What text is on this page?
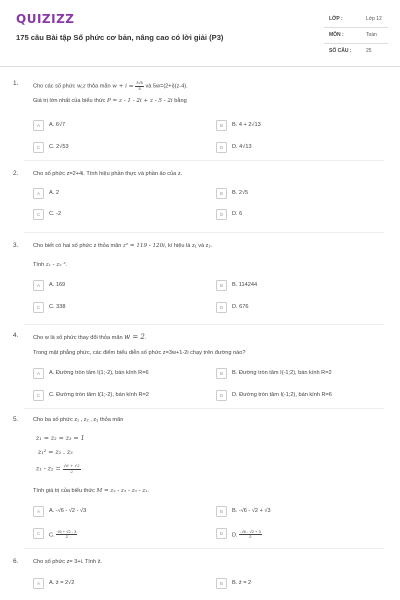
QUIZIZZ
175 câu Bài tập Số phức cơ bản, nâng cao có lời giải (P3)
LỚP :	Lớp 12
MÔN :	Toán
SỐ CÂU :	25
1.	Cho các số phức w,z thỏa mãn $w + i = \frac{3√5}{5}$ và 5w=(2+i)(z-4).
Giá trị lớn nhất của biểu thức P = z - 1 - 2i + z - 5 - 2i bằng
A	A. 6√7	B	B. 4 + 2√13
C	C. 2√53	D	D. 4√13
2.	Cho số phức z=2+4i. Tính hiệu phần thực và phần ảo của z.
A	A. 2	B	B. 2√5
C	C. -2	D	D. 6
3.	Cho biết có hai số phức z thỏa mãn z² = 119 - 120i, kí hiệu là z₁ và z₂.
Tính z₁ - z₂ ².
A	A. 169	B	B. 114244
C	C. 338	D	D. 676
4.	Cho w là số phức thay đổi thỏa mãn w = 2.
Trong mặt phẳng phức, các điểm biểu diễn số phức z=3w+1-2i chạy trên đường nào?
A	A. Đường tròn tâm I(1;-2), bán kính R=6	B	B. Đường tròn tâm I(-1;2), bán kính R=2
C	C. Đường tròn tâm I(1;-2), bán kính R=2	D	D. Đường tròn tâm I(-1;2), bán kính R=6
5.	Cho ba số phức z₁ , z₂ , z₃ thỏa mãn
z₁ = z₂ = z₃ = 1
z₁² = z₂ . z₃
$z_1 - z_2 = \frac{√6 + √2}{2}$
Tính giá trị của biểu thức M = z₂ - z₃ - z₃ - z₁.
A	A. -√6 - √2 - √3	B	B. -√6 - √2 + √3
C	C. $\frac{√6 + √2 - 3}{2}$	D	D. $\frac{-√6 - √2 + 3}{2}$
6.	Cho số phức z= 3+i. Tính z̄.
A	A. z̄ = 2√2	B	B. z̄ = 2
